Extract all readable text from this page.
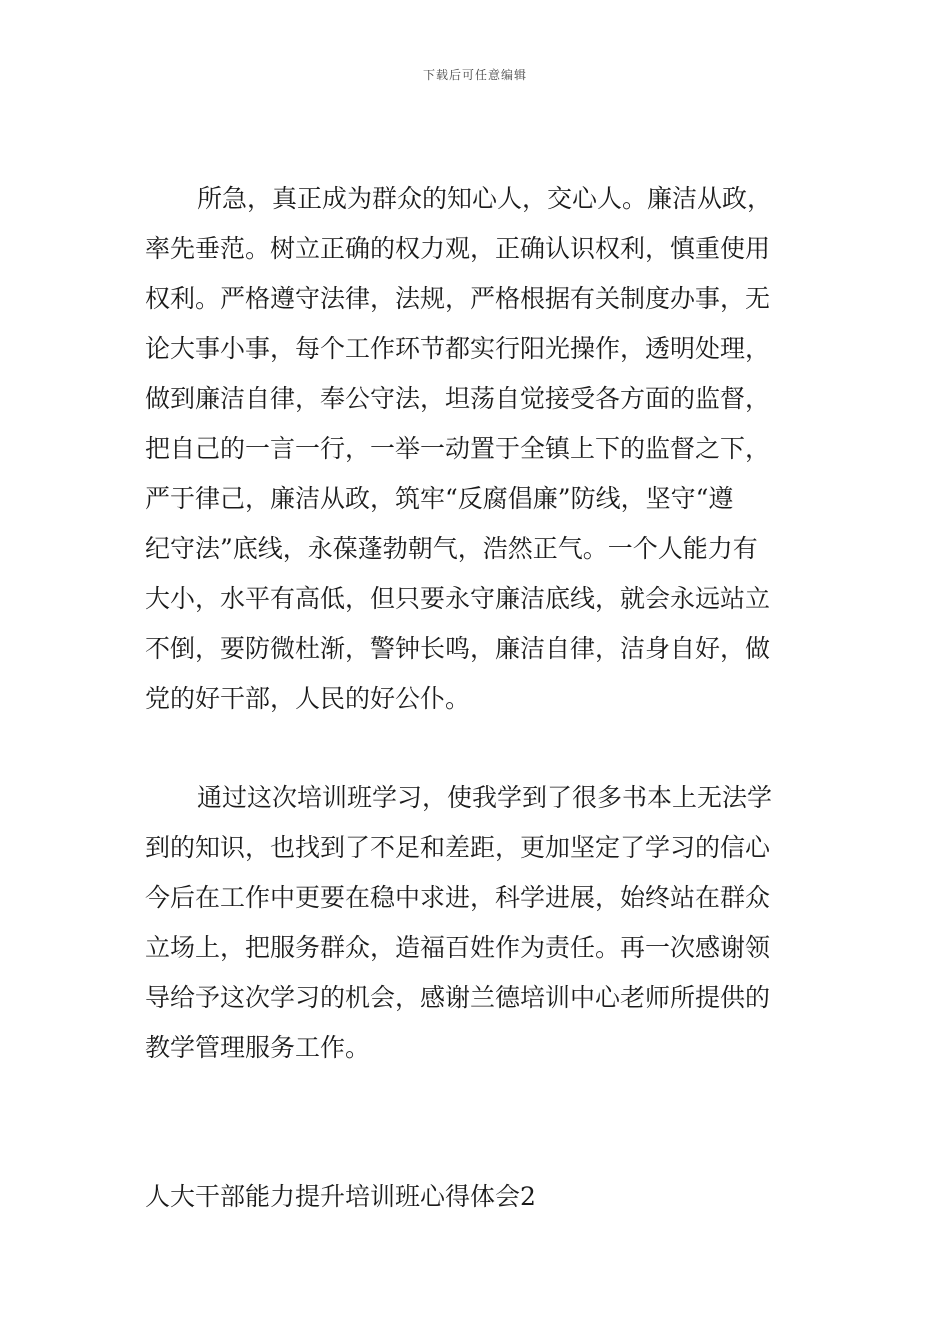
下载后可任意编辑
所急，真正成为群众的知心人，交心人。廉洁从政，
率先垂范。树立正确的权力观，正确认识权利，慎重使用
权利。严格遵守法律，法规，严格根据有关制度办事，无
论大事小事，每个工作环节都实行阳光操作，透明处理，
做到廉洁自律，奉公守法，坦荡自觉接受各方面的监督，
把自己的一言一行，一举一动置于全镇上下的监督之下，
严于律己，廉洁从政，筑牢“反腐倡廉”防线，坚守“遵
纪守法”底线，永葆蓬勃朝气，浩然正气。一个人能力有
大小，水平有高低，但只要永守廉洁底线，就会永远站立
不倒，要防微杜渐，警钟长鸣，廉洁自律，洁身自好，做
党的好干部，人民的好公仆。
通过这次培训班学习，使我学到了很多书本上无法学
到的知识，也找到了不足和差距，更加坚定了学习的信心
今后在工作中更要在稳中求进，科学进展，始终站在群众
立场上，把服务群众，造福百姓作为责任。再一次感谢领
导给予这次学习的机会，感谢兰德培训中心老师所提供的
教学管理服务工作。
人大干部能力提升培训班心得体会2
